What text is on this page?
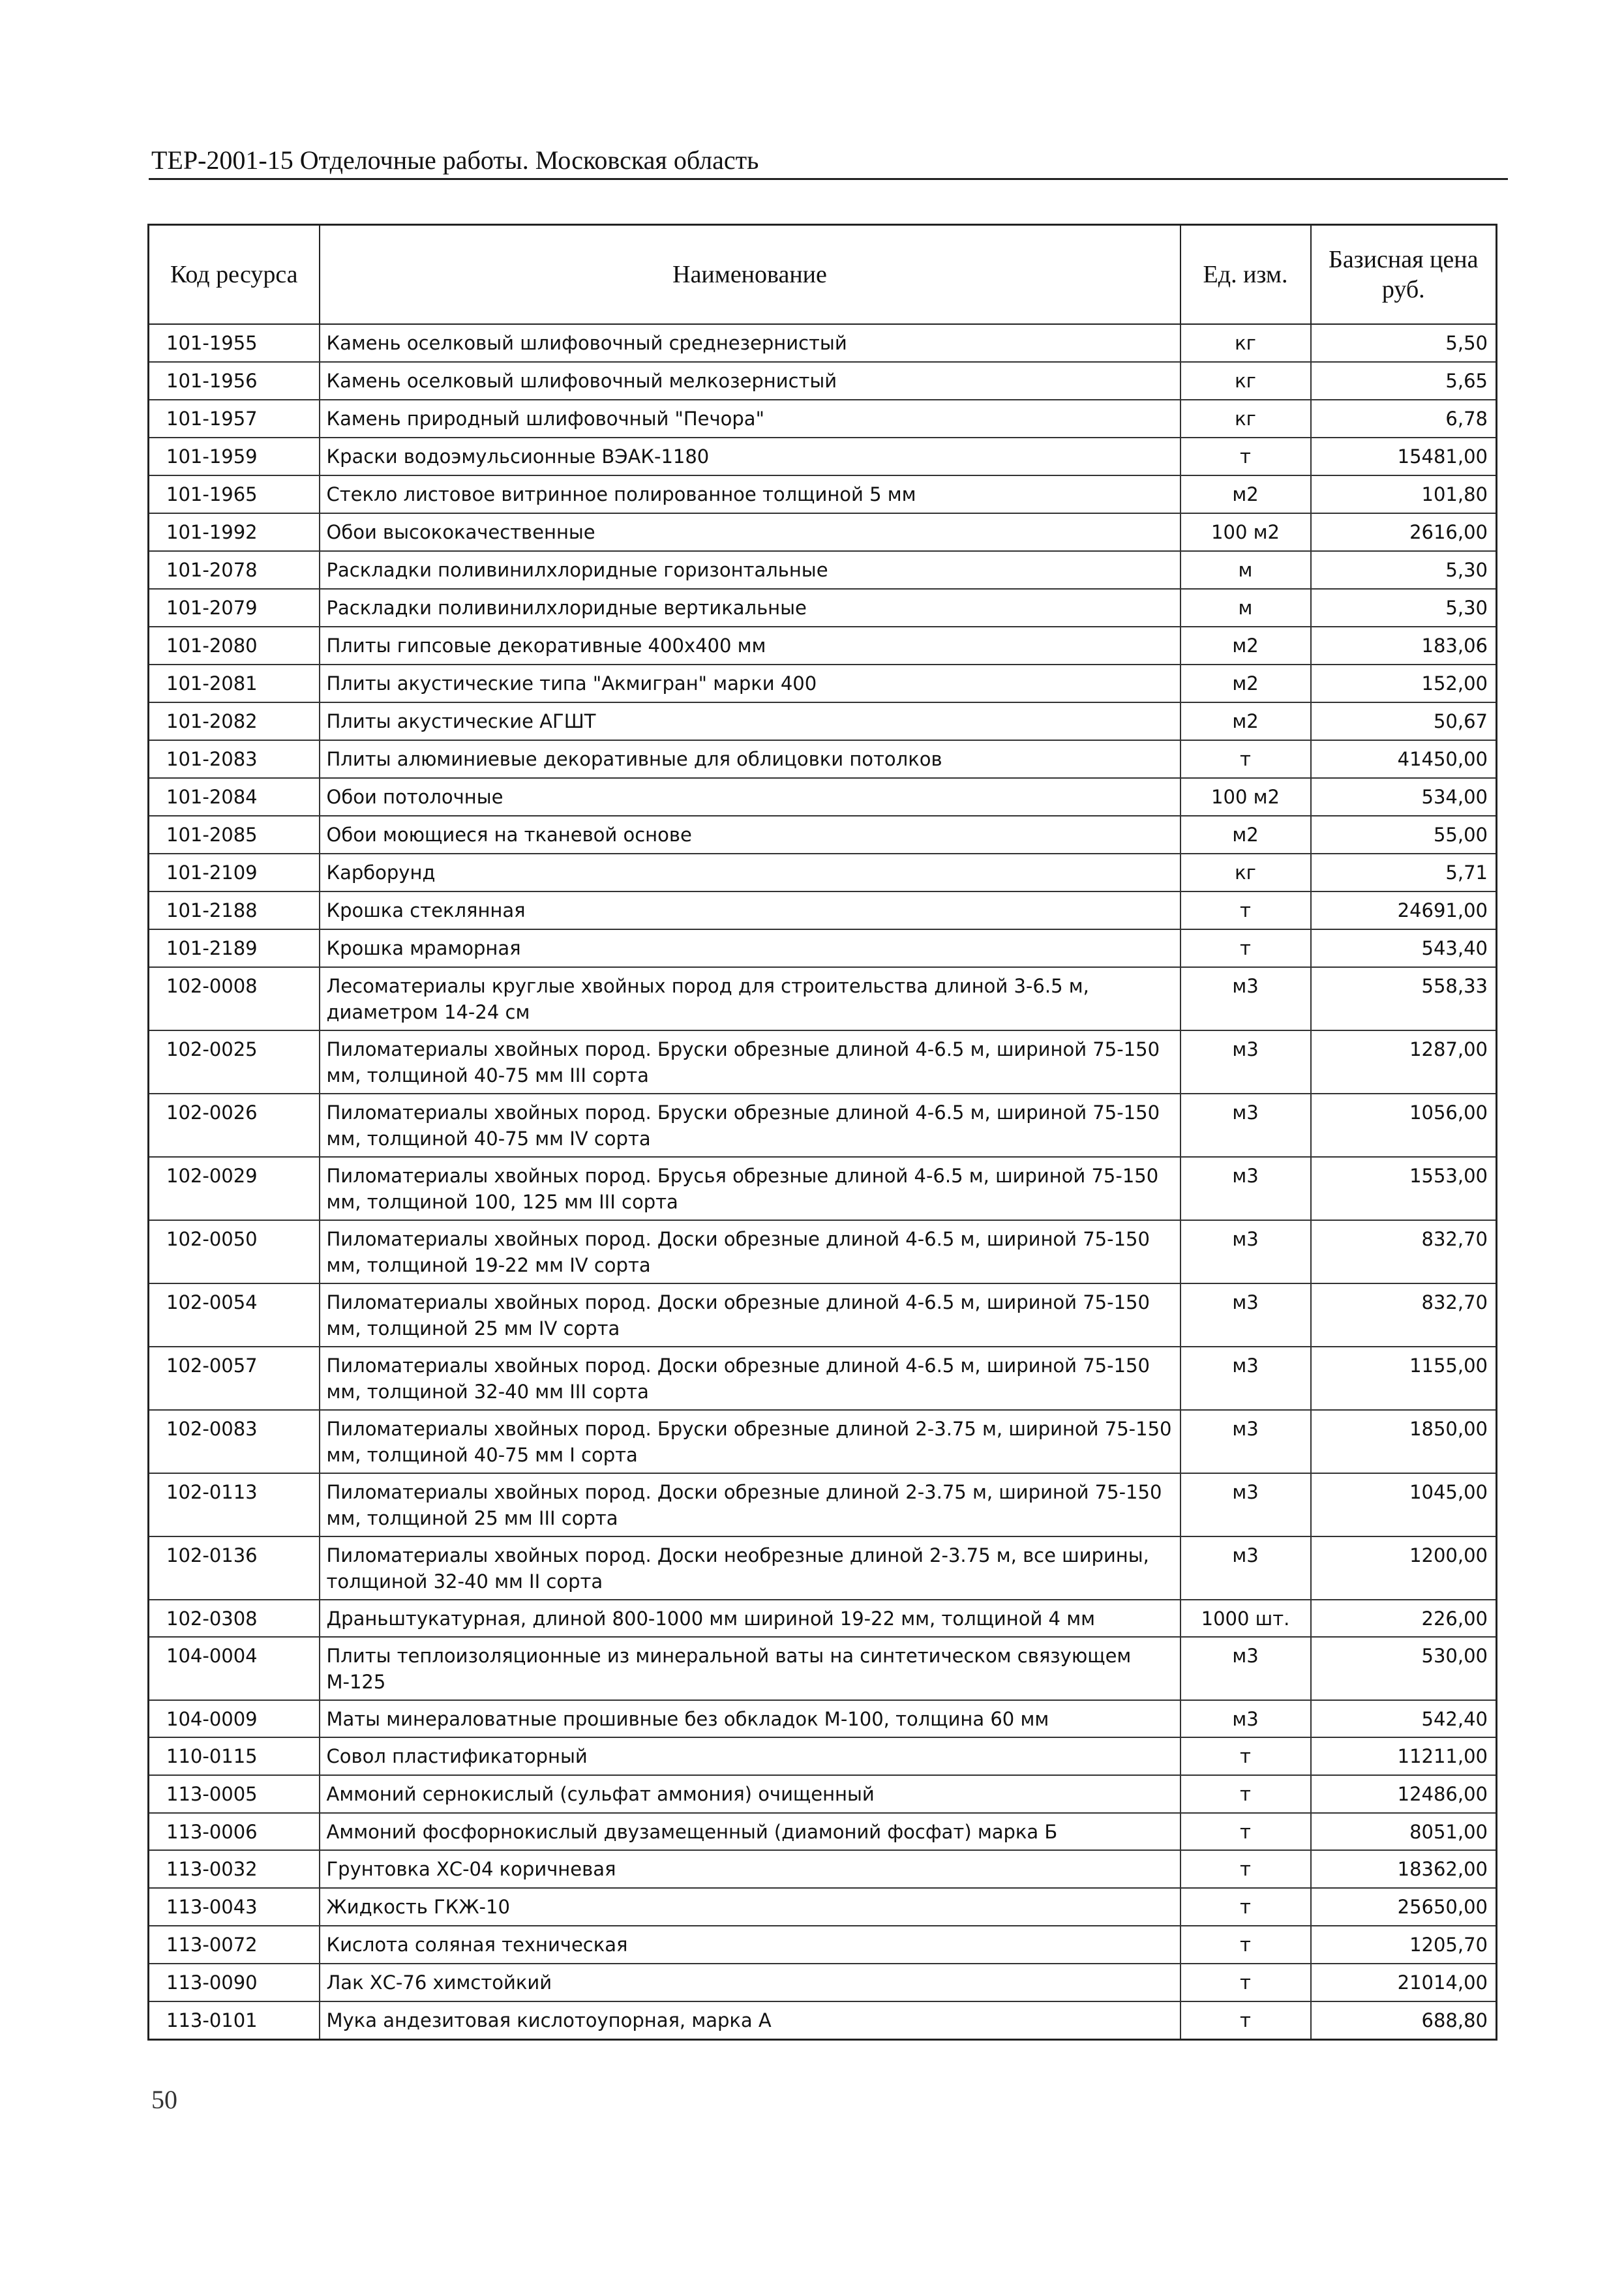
ТЕР-2001-15 Отделочные работы. Московская область
Код ресурса	Наименование	Ед. изм.	Базисная цена руб.
101-1955	Камень оселковый шлифовочный среднезернистый	кг	5,50
101-1956	Камень оселковый шлифовочный мелкозернистый	кг	5,65
101-1957	Камень природный шлифовочный "Печора"	кг	6,78
101-1959	Краски водоэмульсионные ВЭАК-1180	т	15481,00
101-1965	Стекло листовое витринное полированное толщиной 5 мм	м2	101,80
101-1992	Обои высококачественные	100 м2	2616,00
101-2078	Раскладки поливинилхлоридные горизонтальные	м	5,30
101-2079	Раскладки поливинилхлоридные вертикальные	м	5,30
101-2080	Плиты гипсовые декоративные 400х400 мм	м2	183,06
101-2081	Плиты акустические типа "Акмигран" марки 400	м2	152,00
101-2082	Плиты акустические АГШТ	м2	50,67
101-2083	Плиты алюминиевые декоративные для облицовки потолков	т	41450,00
101-2084	Обои потолочные	100 м2	534,00
101-2085	Обои моющиеся на тканевой основе	м2	55,00
101-2109	Карборунд	кг	5,71
101-2188	Крошка стеклянная	т	24691,00
101-2189	Крошка мраморная	т	543,40
102-0008	Лесоматериалы круглые хвойных пород для строительства длиной 3-6.5 м, диаметром 14-24 см	м3	558,33
102-0025	Пиломатериалы хвойных пород. Бруски обрезные длиной 4-6.5 м, шириной 75-150 мм, толщиной 40-75 мм III сорта	м3	1287,00
102-0026	Пиломатериалы хвойных пород. Бруски обрезные длиной 4-6.5 м, шириной 75-150 мм, толщиной 40-75 мм IV сорта	м3	1056,00
102-0029	Пиломатериалы хвойных пород. Брусья обрезные длиной 4-6.5 м, шириной 75-150 мм, толщиной 100, 125 мм III сорта	м3	1553,00
102-0050	Пиломатериалы хвойных пород. Доски обрезные длиной 4-6.5 м, шириной 75-150 мм, толщиной 19-22 мм IV сорта	м3	832,70
102-0054	Пиломатериалы хвойных пород. Доски обрезные длиной 4-6.5 м, шириной 75-150 мм, толщиной 25 мм IV сорта	м3	832,70
102-0057	Пиломатериалы хвойных пород. Доски обрезные длиной 4-6.5 м, шириной 75-150 мм, толщиной 32-40 мм III сорта	м3	1155,00
102-0083	Пиломатериалы хвойных пород. Бруски обрезные длиной 2-3.75 м, шириной 75-150 мм, толщиной 40-75 мм I сорта	м3	1850,00
102-0113	Пиломатериалы хвойных пород. Доски обрезные длиной 2-3.75 м, шириной 75-150 мм, толщиной 25 мм III сорта	м3	1045,00
102-0136	Пиломатериалы хвойных пород. Доски необрезные длиной 2-3.75 м, все ширины, толщиной 32-40 мм II сорта	м3	1200,00
102-0308	Драньштукатурная, длиной 800-1000 мм шириной 19-22 мм, толщиной 4 мм	1000 шт.	226,00
104-0004	Плиты теплоизоляционные из минеральной ваты на синтетическом связующем М-125	м3	530,00
104-0009	Маты минераловатные прошивные без обкладок М-100, толщина 60 мм	м3	542,40
110-0115	Совол пластификаторный	т	11211,00
113-0005	Аммоний сернокислый (сульфат аммония) очищенный	т	12486,00
113-0006	Аммоний фосфорнокислый двузамещенный (диамоний фосфат) марка Б	т	8051,00
113-0032	Грунтовка ХС-04 коричневая	т	18362,00
113-0043	Жидкость ГКЖ-10	т	25650,00
113-0072	Кислота соляная техническая	т	1205,70
113-0090	Лак ХС-76 химстойкий	т	21014,00
113-0101	Мука андезитовая кислотоупорная, марка А	т	688,80
50
